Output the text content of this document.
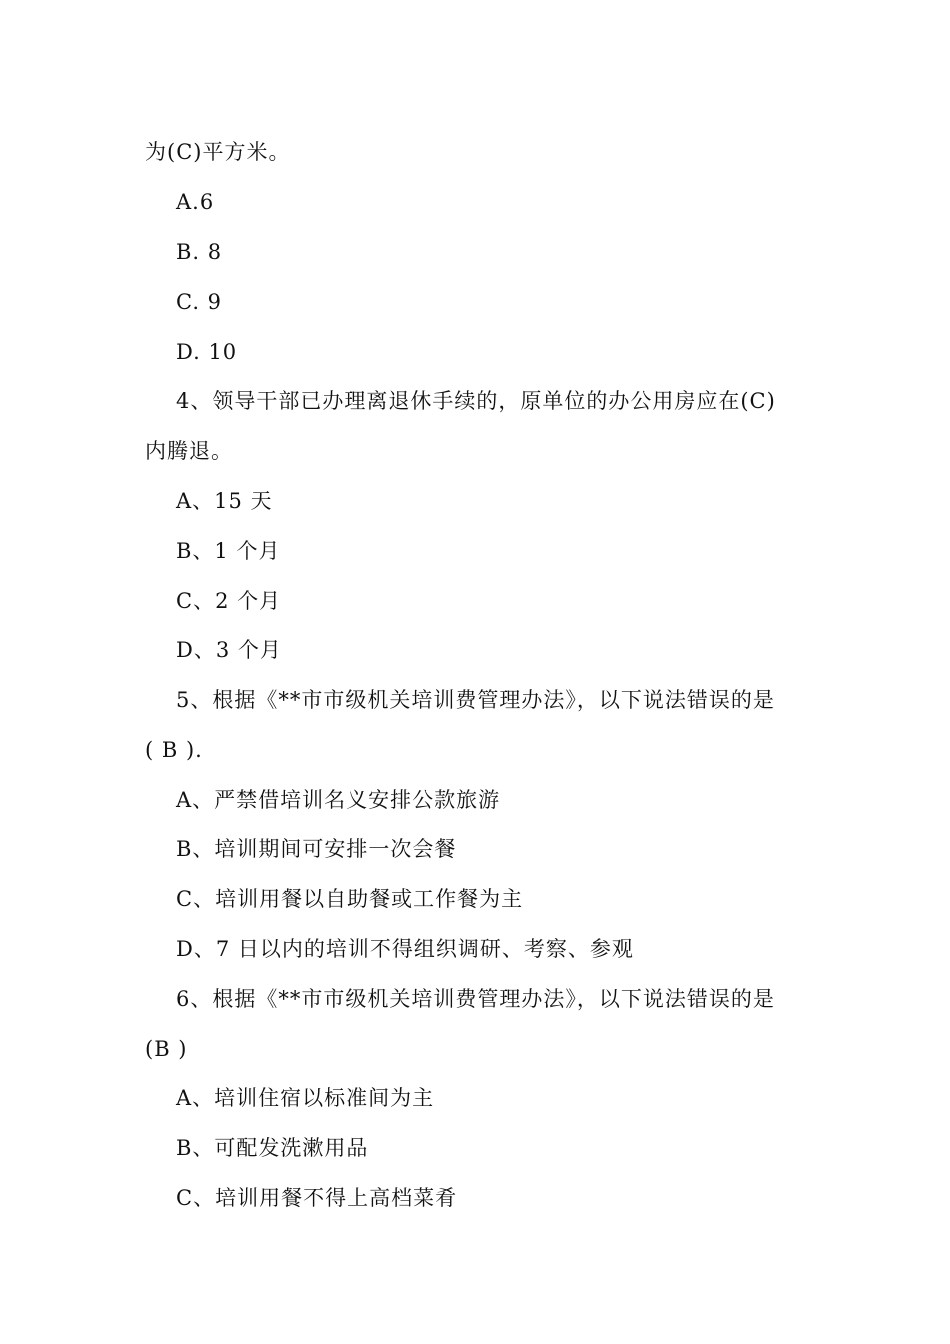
为(C)平方米。
A.6
B. 8
C. 9
D. 10
4、领导干部已办理离退休手续的，原单位的办公用房应在(C)
内腾退。
A、15 天
B、1 个月
C、2 个月
D、3 个月
5、根据《**市市级机关培训费管理办法》，以下说法错误的是
( B ).
A、严禁借培训名义安排公款旅游
B、培训期间可安排一次会餐
C、培训用餐以自助餐或工作餐为主
D、7 日以内的培训不得组织调研、考察、参观
6、根据《**市市级机关培训费管理办法》，以下说法错误的是
(B )
A、培训住宿以标准间为主
B、可配发洗漱用品
C、培训用餐不得上高档菜肴
